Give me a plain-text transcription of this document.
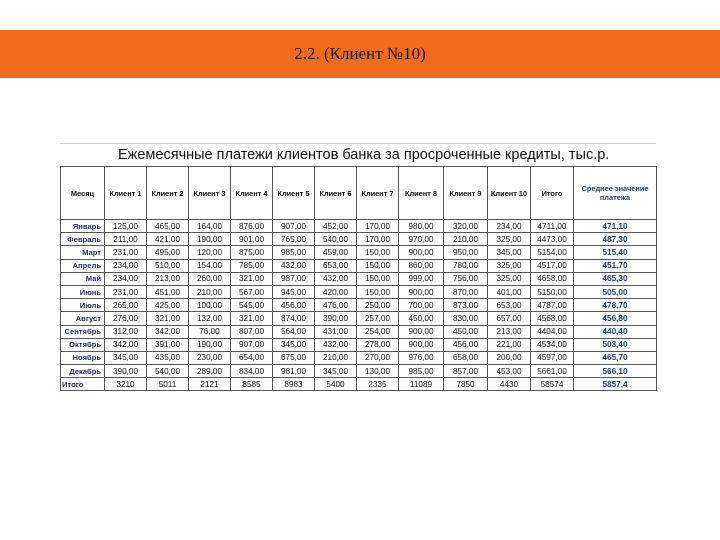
2.2. (Клиент №10)
Ежемесячные платежи клиентов банка за просроченные кредиты, тыс.р.
Месяц	Клиент 1	Клиент 2	Клиент 3	Клиент 4	Клиент 5	Клиент 6	Клиент 7	Клиент 8	Клиент 9	Клиент 10	Итого	Среднее значение платежа
Январь	125,00	465,00	164,00	876,00	907,00	452,00	170,00	980,00	320,00	234,00	4711,00	471,10
Февраль	211,00	421,00	190,00	901,00	765,00	540,00	170,00	970,00	210,00	325,00	4473,00	487,30
Март	231,00	495,00	120,00	875,00	985,00	459,00	150,00	900,00	950,00	345,00	5154,00	515,40
Апрель	234,00	510,00	154,00	785,00	432,00	653,00	150,00	860,00	780,00	325,00	4517,00	451,70
Май	234,00	213,00	260,00	321,00	987,00	432,00	150,00	999,00	756,00	325,00	4658,00	465,30
Июнь	231,00	451,00	210,00	567,00	945,00	420,00	150,00	900,00	870,00	401,00	5150,00	505,00
Июль	265,00	425,00	100,00	545,00	456,00	476,00	250,00	700,00	873,00	653,00	4787,00	478,70
Август	276,00	321,00	132,00	321,00	874,00	390,00	257,00	450,00	830,00	657,00	4568,00	456,80
Сентябрь	312,00	342,00	76,00	807,00	564,00	431,00	254,00	900,00	450,00	213,00	4404,00	440,40
Октябрь	342,00	391,00	190,00	907,00	345,00	432,00	278,00	900,00	456,00	221,00	4534,00	503,40
Ноябрь	345,00	435,00	230,00	654,00	675,00	210,00	270,00	976,00	658,00	200,00	4597,00	465,70
Декабрь	390,00	540,00	289,00	834,00	981,00	345,00	130,00	985,00	857,00	453,00	5661,00	566,10
Итого	3210	5011	2121	8585	8983	5400	2335	11089	7850	4430	58574	5857,4
